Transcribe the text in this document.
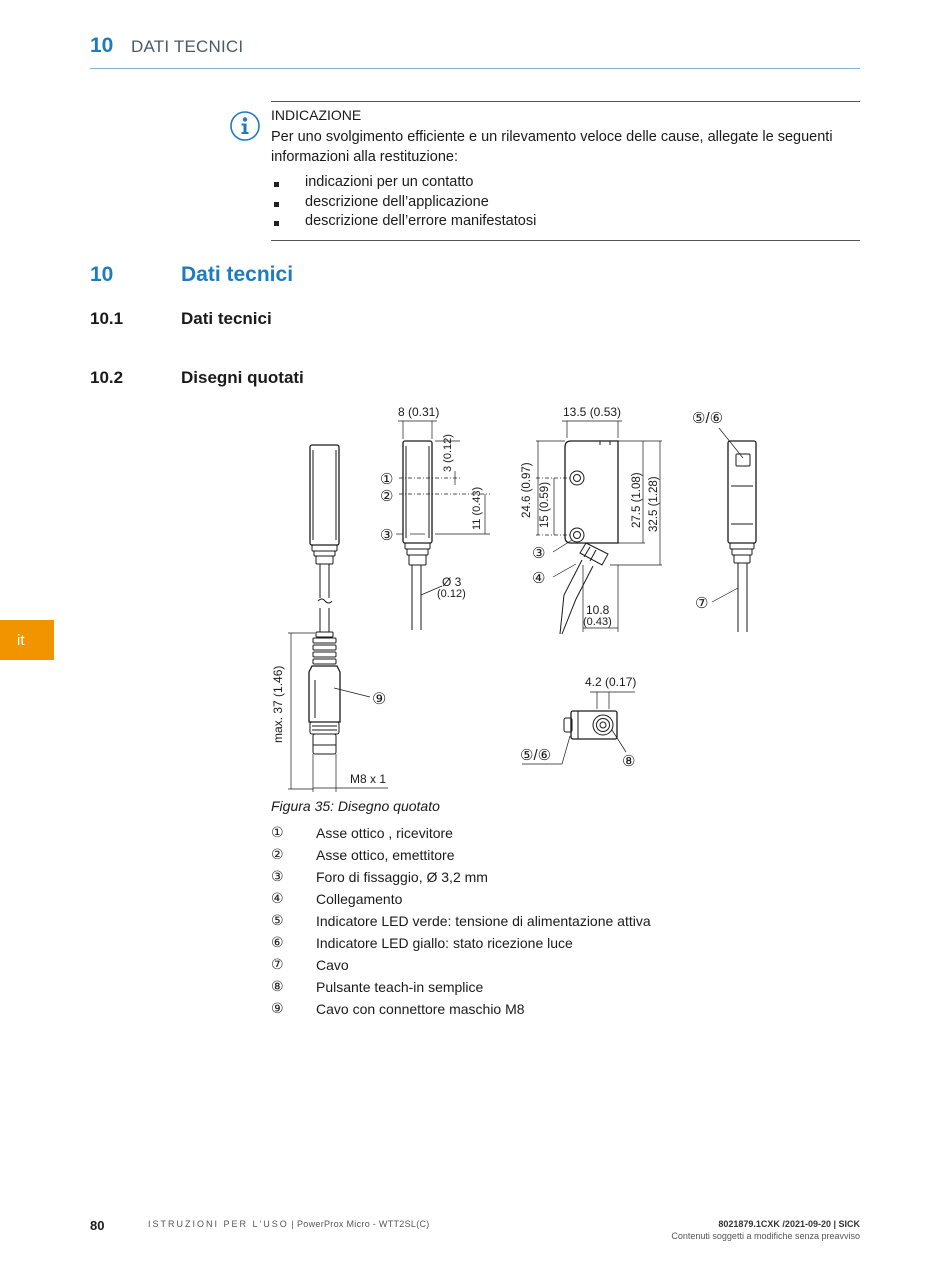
10 DATI TECNICI
INDICAZIONE
Per uno svolgimento efficiente e un rilevamento veloce delle cause, allegate le seguenti informazioni alla restituzione:
indicazioni per un contatto
descrizione dell’applicazione
descrizione dell’errore manifestatosi
10	Dati tecnici
10.1	Dati tecnici
10.2	Disegni quotati
it
max. 37 (1.46)
M8 x 1
⑨
8 (0.31)
3 (0.12)
11 (0.43)
①
②
③
Ø 3
(0.12)
13.5 (0.53)
24.6 (0.97) 15 (0.59)	27.5 (1.08) 32.5 (1.28)
10.8
(0.43)
③
④
⑤/⑥
⑦
4.2 (0.17)
⑤/⑥	⑧
Figura 35: Disegno quotato
①	Asse ottico , ricevitore
②	Asse ottico, emettitore
③	Foro di fissaggio, Ø 3,2 mm
④	Collegamento
⑤	Indicatore LED verde: tensione di alimentazione attiva
⑥	Indicatore LED giallo: stato ricezione luce
⑦	Cavo
⑧	Pulsante teach-in semplice
⑨	Cavo con connettore maschio M8
80	ISTRUZIONI PER L'USO | PowerProx Micro - WTT2SL(C)	8021879.1CXK /2021-09-20 | SICK
Contenuti soggetti a modifiche senza preavviso
